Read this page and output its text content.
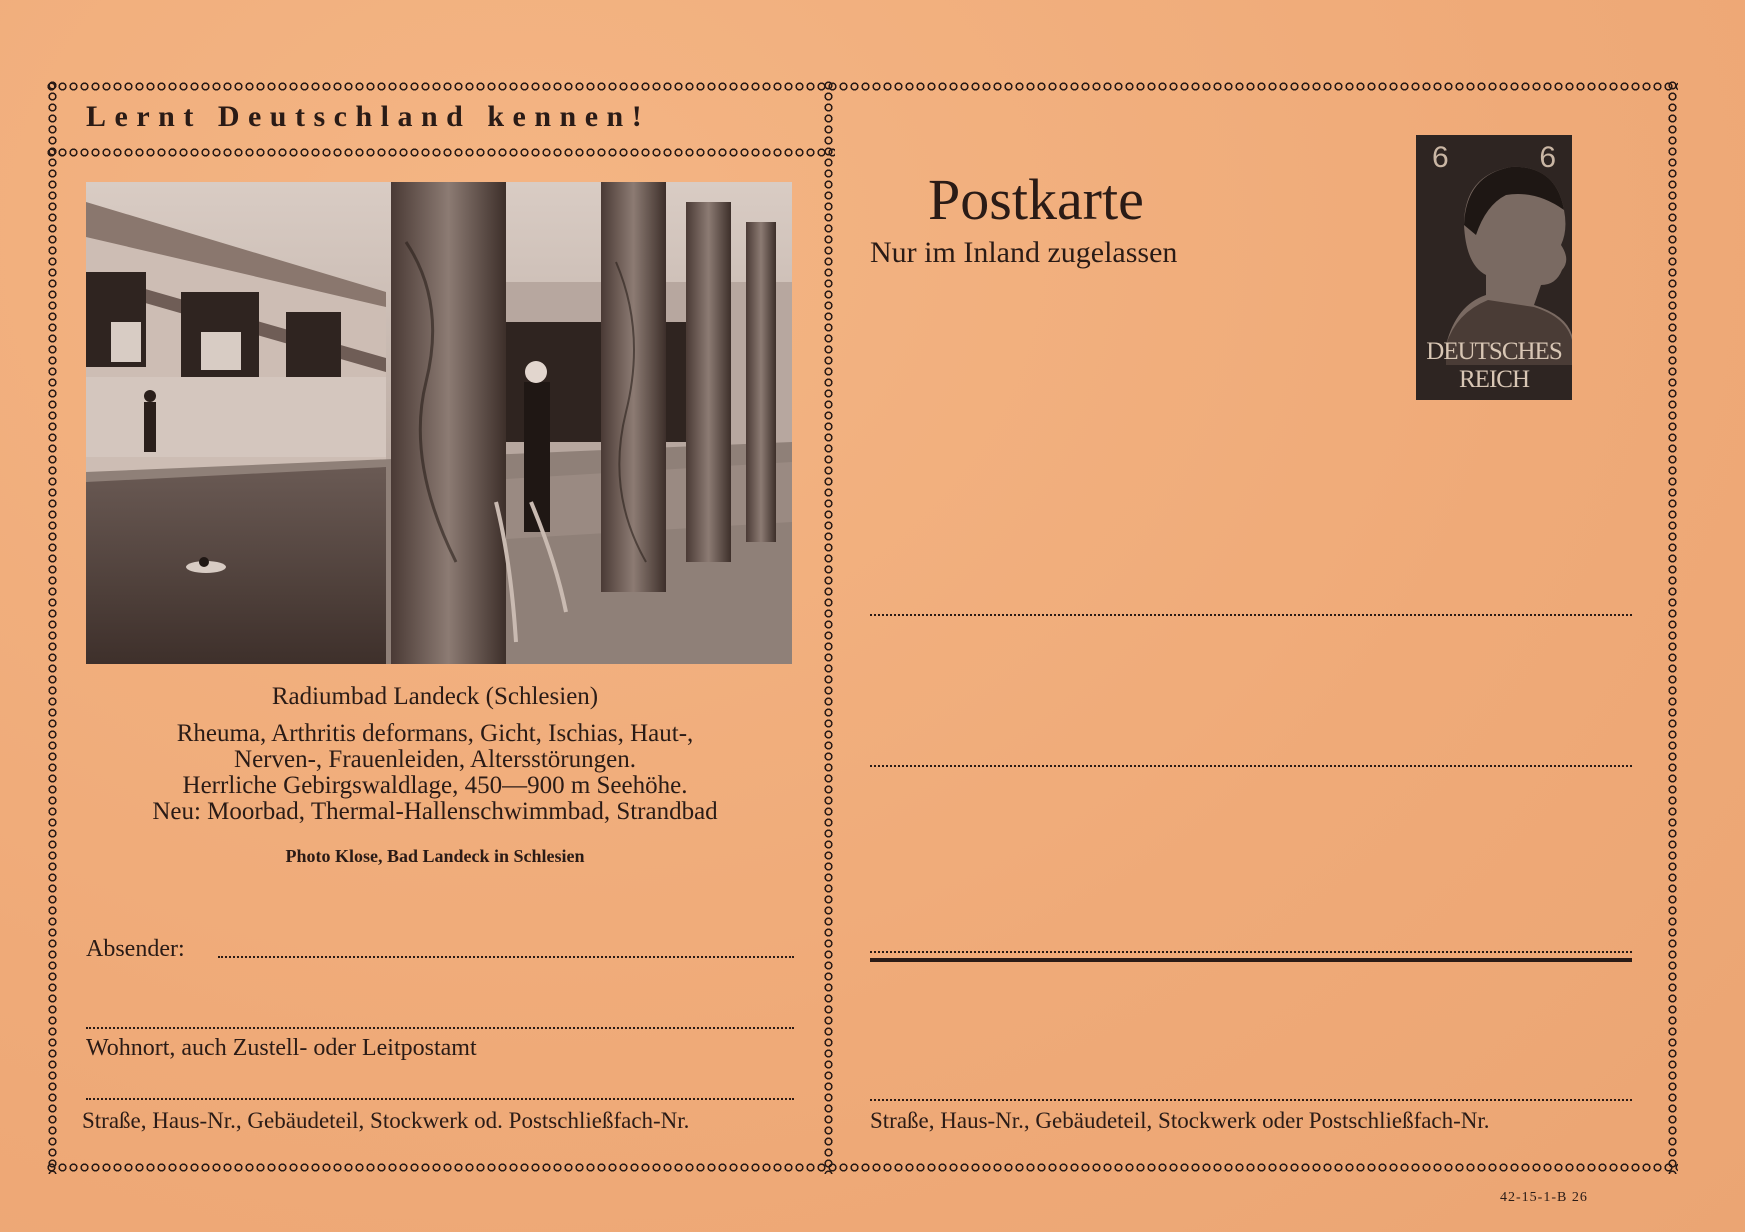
Lernt Deutschland kennen!
Radiumbad Landeck (Schlesien)
Rheuma, Arthritis deformans, Gicht, Ischias, Haut-,
Nerven-, Frauenleiden, Altersstörungen.
Herrliche Gebirgswaldlage, 450—900 m Seehöhe.
Neu: Moorbad, Thermal-Hallenschwimmbad, Strandbad
Photo Klose, Bad Landeck in Schlesien
Absender:
Wohnort, auch Zustell- oder Leitpostamt
Straße, Haus-Nr., Gebäudeteil, Stockwerk od. Postschließfach-Nr.
Postkarte
Nur im Inland zugelassen
6	6
DEUTSCHES REICH
Straße, Haus-Nr., Gebäudeteil, Stockwerk oder Postschließfach-Nr.
42-15-1-B 26
